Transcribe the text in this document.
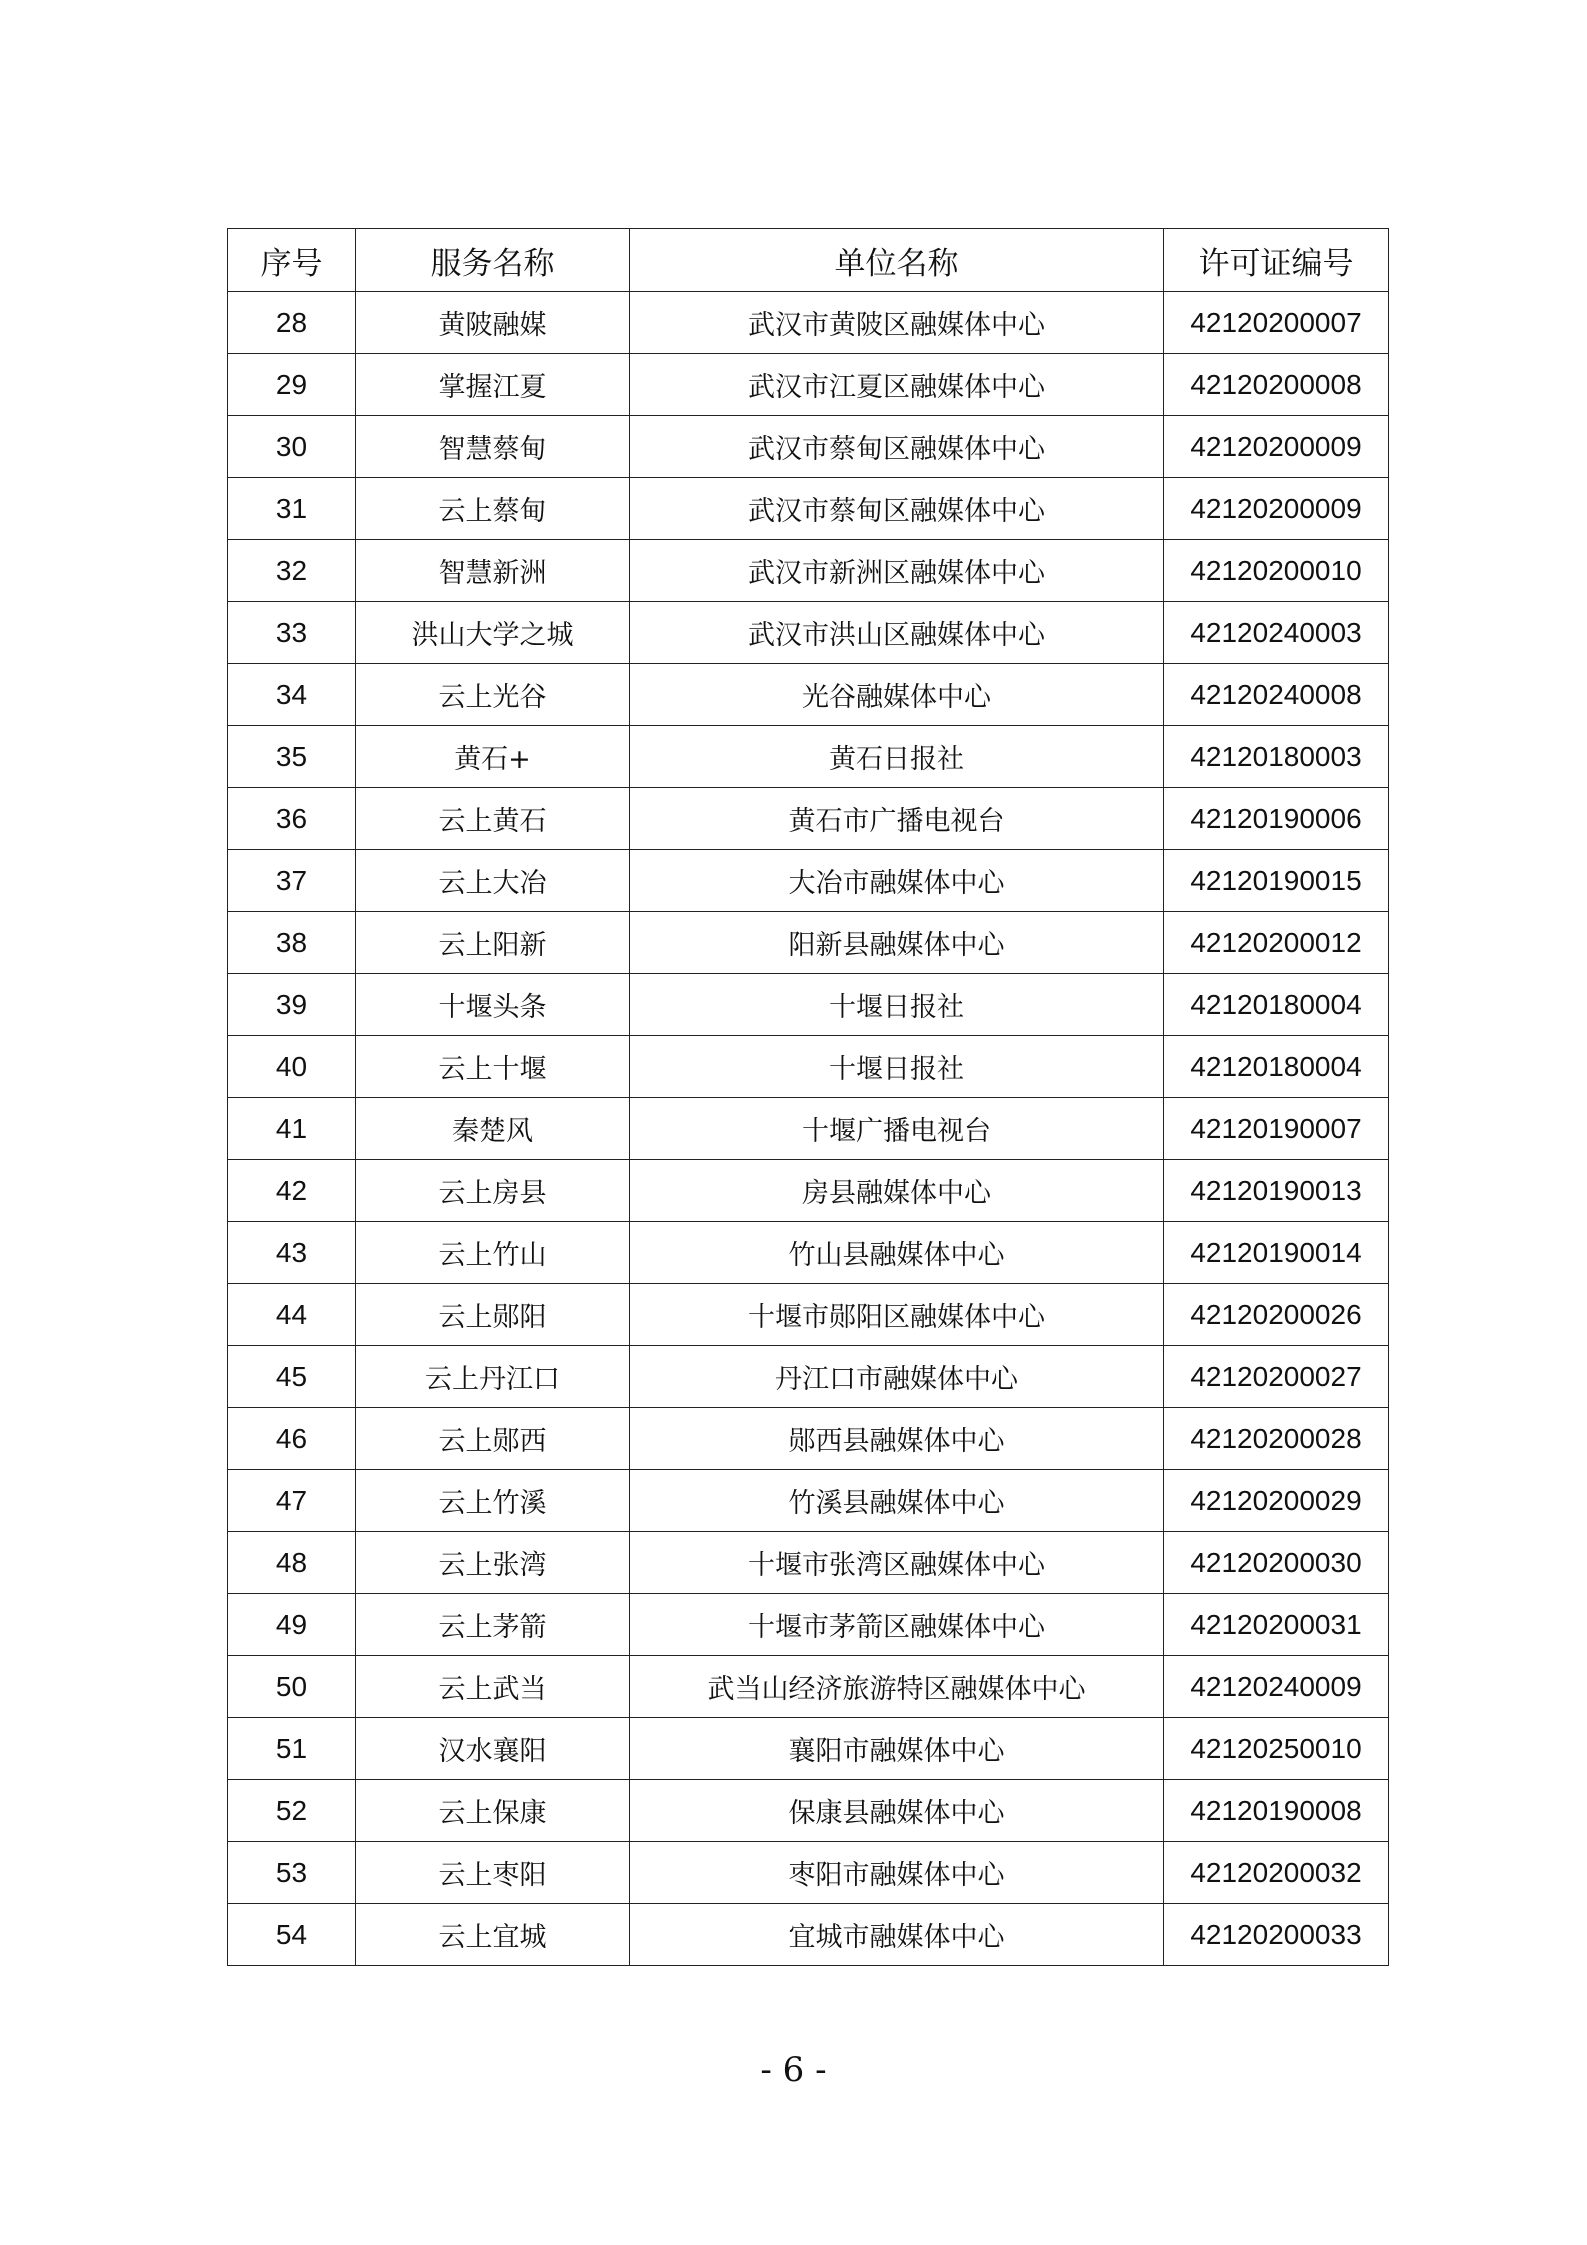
序号	服务名称	单位名称	许可证编号
28	黄陂融媒	武汉市黄陂区融媒体中心	42120200007
29	掌握江夏	武汉市江夏区融媒体中心	42120200008
30	智慧蔡甸	武汉市蔡甸区融媒体中心	42120200009
31	云上蔡甸	武汉市蔡甸区融媒体中心	42120200009
32	智慧新洲	武汉市新洲区融媒体中心	42120200010
33	洪山大学之城	武汉市洪山区融媒体中心	42120240003
34	云上光谷	光谷融媒体中心	42120240008
35	黄石+	黄石日报社	42120180003
36	云上黄石	黄石市广播电视台	42120190006
37	云上大冶	大冶市融媒体中心	42120190015
38	云上阳新	阳新县融媒体中心	42120200012
39	十堰头条	十堰日报社	42120180004
40	云上十堰	十堰日报社	42120180004
41	秦楚风	十堰广播电视台	42120190007
42	云上房县	房县融媒体中心	42120190013
43	云上竹山	竹山县融媒体中心	42120190014
44	云上郧阳	十堰市郧阳区融媒体中心	42120200026
45	云上丹江口	丹江口市融媒体中心	42120200027
46	云上郧西	郧西县融媒体中心	42120200028
47	云上竹溪	竹溪县融媒体中心	42120200029
48	云上张湾	十堰市张湾区融媒体中心	42120200030
49	云上茅箭	十堰市茅箭区融媒体中心	42120200031
50	云上武当	武当山经济旅游特区融媒体中心	42120240009
51	汉水襄阳	襄阳市融媒体中心	42120250010
52	云上保康	保康县融媒体中心	42120190008
53	云上枣阳	枣阳市融媒体中心	42120200032
54	云上宜城	宜城市融媒体中心	42120200033
- 6 -
